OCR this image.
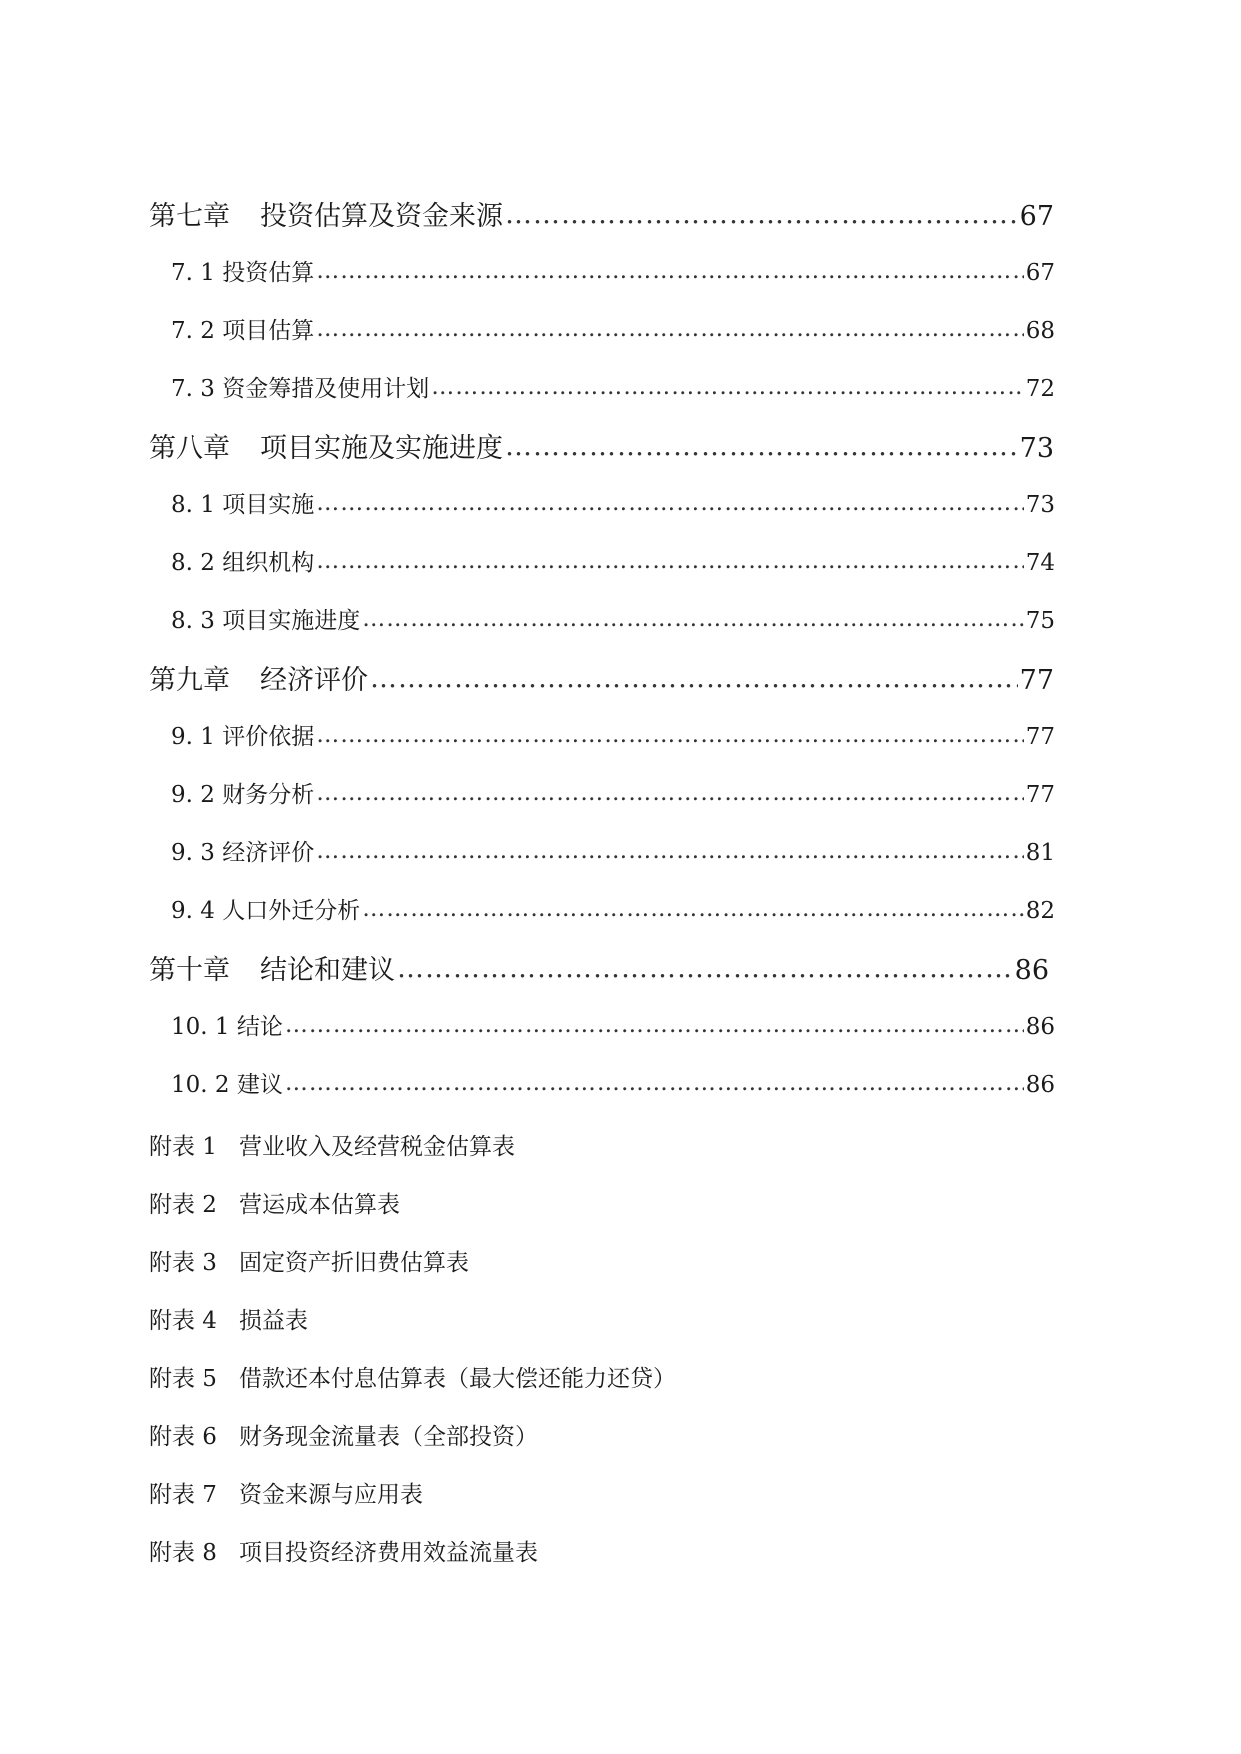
第七章 投资估算及资金来源 ……………………………………………………………………………………………………………………………………………………………………………………………………………	67
7. 1 投资估算 ……………………………………………………………………………………………………………………………………………………………………………………………………………	67
7. 2 项目估算 ……………………………………………………………………………………………………………………………………………………………………………………………………………	68
7. 3 资金筹措及使用计划 ……………………………………………………………………………………………………………………………………………………………………………………………………………	72
第八章 项目实施及实施进度 ……………………………………………………………………………………………………………………………………………………………………………………………………………	73
8. 1 项目实施 ……………………………………………………………………………………………………………………………………………………………………………………………………………	73
8. 2 组织机构 ……………………………………………………………………………………………………………………………………………………………………………………………………………	74
8. 3 项目实施进度 ……………………………………………………………………………………………………………………………………………………………………………………………………………	75
第九章 经济评价 ……………………………………………………………………………………………………………………………………………………………………………………………………………	77
9. 1 评价依据 ……………………………………………………………………………………………………………………………………………………………………………………………………………	77
9. 2 财务分析 ……………………………………………………………………………………………………………………………………………………………………………………………………………	77
9. 3 经济评价 ……………………………………………………………………………………………………………………………………………………………………………………………………………	81
9. 4 人口外迁分析 ……………………………………………………………………………………………………………………………………………………………………………………………………………	82
第十章 结论和建议 ……………………………………………………………………………………………………………………………………………………………………………………………………………	86
10. 1 结论 ……………………………………………………………………………………………………………………………………………………………………………………………………………	86
10. 2 建议 ……………………………………………………………………………………………………………………………………………………………………………………………………………	86
附表 1 营业收入及经营税金估算表
附表 2 营运成本估算表
附表 3 固定资产折旧费估算表
附表 4 损益表
附表 5 借款还本付息估算表（最大偿还能力还贷）
附表 6 财务现金流量表（全部投资）
附表 7 资金来源与应用表
附表 8 项目投资经济费用效益流量表
